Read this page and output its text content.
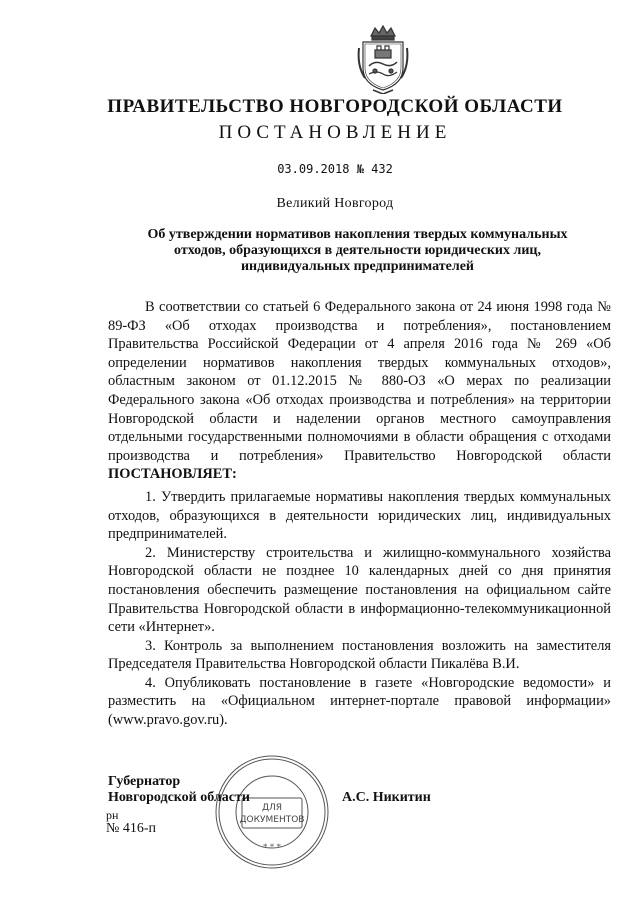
ПРАВИТЕЛЬСТВО НОВГОРОДСКОЙ ОБЛАСТИ
ПОСТАНОВЛЕНИЕ
03.09.2018 № 432
Великий Новгород
Об утверждении нормативов накопления твердых коммунальных
отходов, образующихся в деятельности юридических лиц,
индивидуальных предпринимателей

В соответствии со статьей 6 Федерального закона от 24 июня 1998 года № 89-ФЗ «Об отходах производства и потребления», постановлением Правительства Российской Федерации от 4 апреля 2016 года № 269 «Об определении нормативов накопления твердых коммунальных отходов», областным законом от 01.12.2015 № 880-ОЗ «О мерах по реализации Федерального закона «Об отходах производства и потребления» на территории Новгородской области и наделении органов местного самоуправления отдельными государственными полномочиями в области обращения с отходами производства и потребления» Правительство Новгородской области ПОСТАНОВЛЯЕТ:

1. Утвердить прилагаемые нормативы накопления твердых коммунальных отходов, образующихся в деятельности юридических лиц, индивидуальных предпринимателей.

2. Министерству строительства и жилищно-коммунального хозяйства Новгородской области не позднее 10 календарных дней со дня принятия постановления обеспечить размещение постановления на официальном сайте Правительства Новгородской области в информационно-телекоммуникационной сети «Интернет».

3. Контроль за выполнением постановления возложить на заместителя Председателя Правительства Новгородской области Пикалёва В.И.

4. Опубликовать постановление в газете «Новгородские ведомости» и разместить на «Официальном интернет-портале правовой информации» (www.pravo.gov.ru).

ДЛЯ
ДОКУМЕНТОВ
* * *
Губернатор
Новгородской области	А.С. Никитин
рн
№ 416-п
